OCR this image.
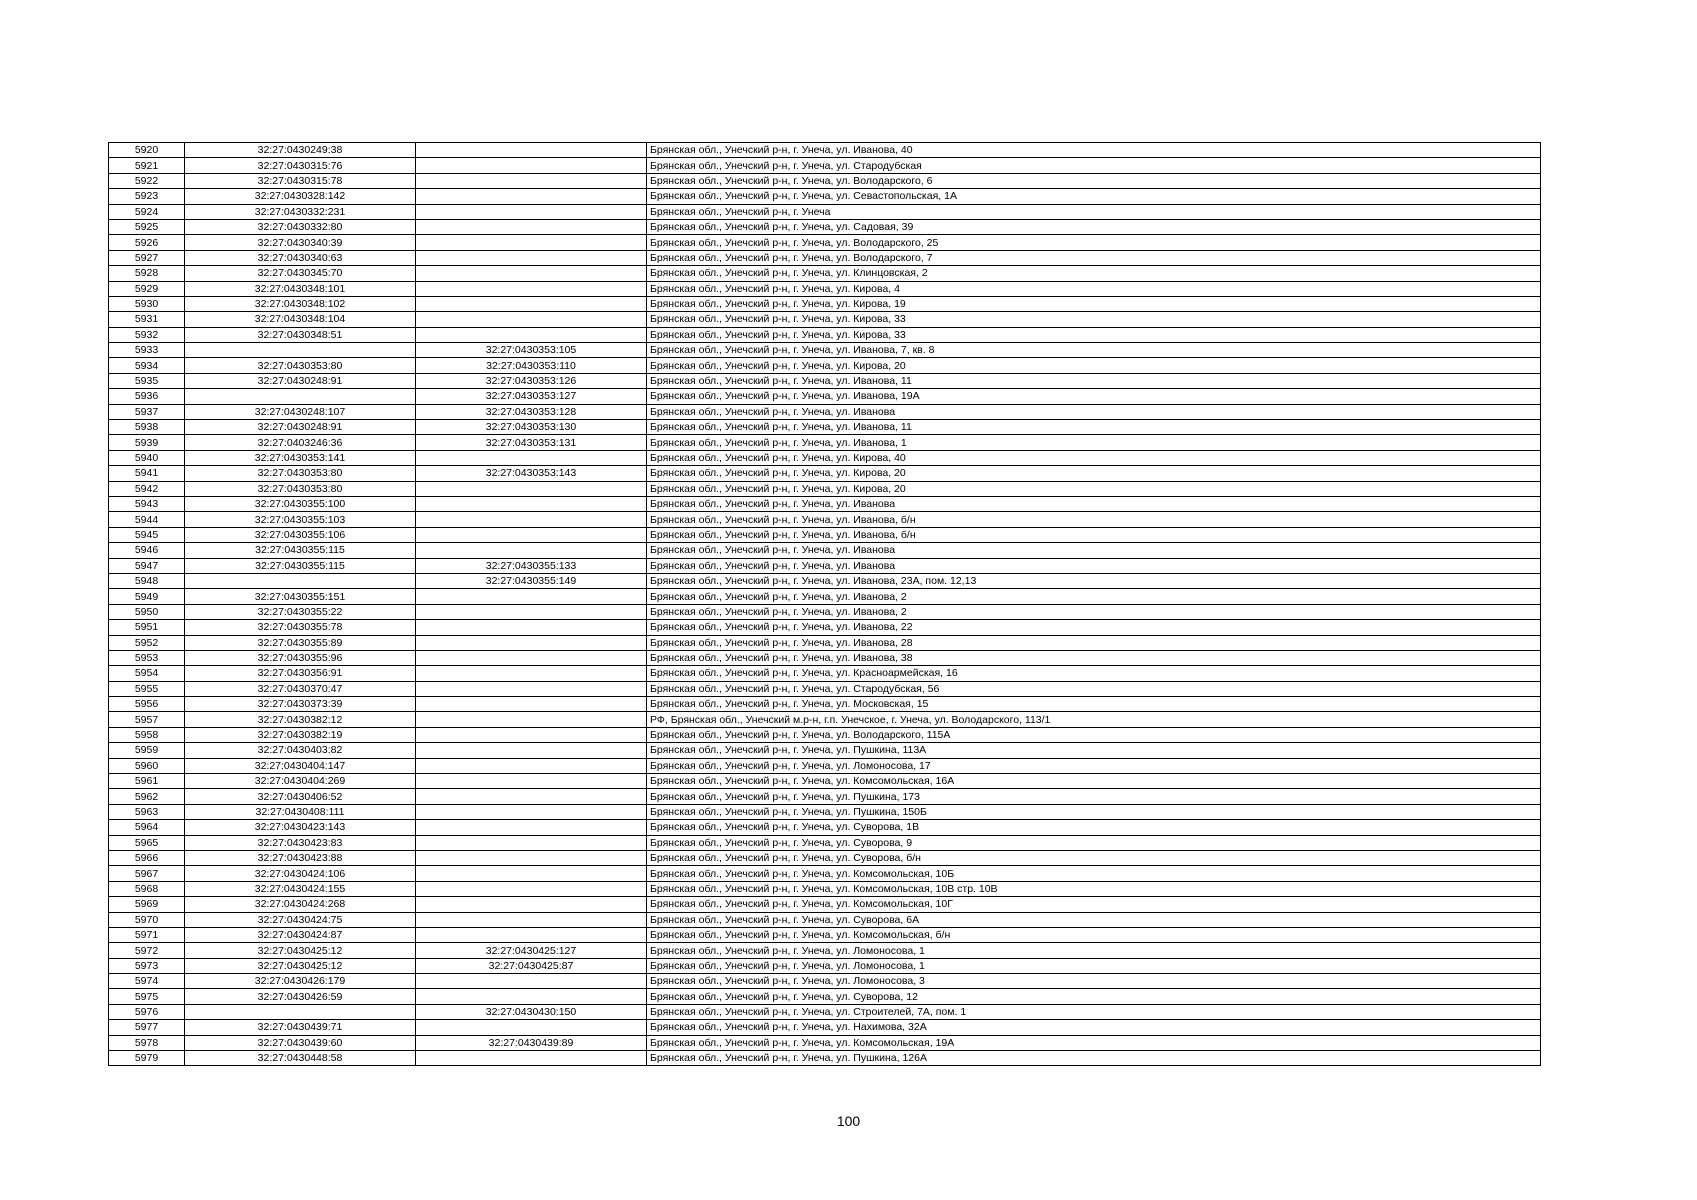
5920	32:27:0430249:38		Брянская обл., Унечский р-н, г. Унеча, ул. Иванова, 40
5921	32:27:0430315:76		Брянская обл., Унечский р-н, г. Унеча, ул. Стародубская
5922	32:27:0430315:78		Брянская обл., Унечский р-н, г. Унеча, ул. Володарского, 6
5923	32:27:0430328:142		Брянская обл., Унечский р-н, г. Унеча, ул. Севастопольская, 1А
5924	32:27:0430332:231		Брянская обл., Унечский р-н, г. Унеча
5925	32:27:0430332:80		Брянская обл., Унечский р-н, г. Унеча, ул. Садовая, 39
5926	32:27:0430340:39		Брянская обл., Унечский р-н, г. Унеча, ул. Володарского, 25
5927	32:27:0430340:63		Брянская обл., Унечский р-н, г. Унеча, ул. Володарского, 7
5928	32:27:0430345:70		Брянская обл., Унечский р-н, г. Унеча, ул. Клинцовская, 2
5929	32:27:0430348:101		Брянская обл., Унечский р-н, г. Унеча, ул. Кирова, 4
5930	32:27:0430348:102		Брянская обл., Унечский р-н, г. Унеча, ул. Кирова, 19
5931	32:27:0430348:104		Брянская обл., Унечский р-н, г. Унеча, ул. Кирова, 33
5932	32:27:0430348:51		Брянская обл., Унечский р-н, г. Унеча, ул. Кирова, 33
5933		32:27:0430353:105	Брянская обл., Унечский р-н, г. Унеча, ул. Иванова, 7, кв. 8
5934	32:27:0430353:80	32:27:0430353:110	Брянская обл., Унечский р-н, г. Унеча, ул. Кирова, 20
5935	32:27:0430248:91	32:27:0430353:126	Брянская обл., Унечский р-н, г. Унеча, ул. Иванова, 11
5936		32:27:0430353:127	Брянская обл., Унечский р-н, г. Унеча, ул. Иванова, 19А
5937	32:27:0430248:107	32:27:0430353:128	Брянская обл., Унечский р-н, г. Унеча, ул. Иванова
5938	32:27:0430248:91	32:27:0430353:130	Брянская обл., Унечский р-н, г. Унеча, ул. Иванова, 11
5939	32:27:0403246:36	32:27:0430353:131	Брянская обл., Унечский р-н, г. Унеча, ул. Иванова, 1
5940	32:27:0430353:141		Брянская обл., Унечский р-н, г. Унеча, ул. Кирова, 40
5941	32:27:0430353:80	32:27:0430353:143	Брянская обл., Унечский р-н, г. Унеча, ул. Кирова, 20
5942	32:27:0430353:80		Брянская обл., Унечский р-н, г. Унеча, ул. Кирова, 20
5943	32:27:0430355:100		Брянская обл., Унечский р-н, г. Унеча, ул. Иванова
5944	32:27:0430355:103		Брянская обл., Унечский р-н, г. Унеча, ул. Иванова, б/н
5945	32:27:0430355:106		Брянская обл., Унечский р-н, г. Унеча, ул. Иванова, б/н
5946	32:27:0430355:115		Брянская обл., Унечский р-н, г. Унеча, ул. Иванова
5947	32:27:0430355:115	32:27:0430355:133	Брянская обл., Унечский р-н, г. Унеча, ул. Иванова
5948		32:27:0430355:149	Брянская обл., Унечский р-н, г. Унеча, ул. Иванова, 23А, пом. 12,13
5949	32:27:0430355:151		Брянская обл., Унечский р-н, г. Унеча, ул. Иванова, 2
5950	32:27:0430355:22		Брянская обл., Унечский р-н, г. Унеча, ул. Иванова, 2
5951	32:27:0430355:78		Брянская обл., Унечский р-н, г. Унеча, ул. Иванова, 22
5952	32:27:0430355:89		Брянская обл., Унечский р-н, г. Унеча, ул. Иванова, 28
5953	32:27:0430355:96		Брянская обл., Унечский р-н, г. Унеча, ул. Иванова, 38
5954	32:27:0430356:91		Брянская обл., Унечский р-н, г. Унеча, ул. Красноармейская, 16
5955	32:27:0430370:47		Брянская обл., Унечский р-н, г. Унеча, ул. Стародубская, 56
5956	32:27:0430373:39		Брянская обл., Унечский р-н, г. Унеча, ул. Московская, 15
5957	32:27:0430382:12		РФ, Брянская обл., Унечский м.р-н, г.п. Унечское, г. Унеча, ул. Володарского, 113/1
5958	32:27:0430382:19		Брянская обл., Унечский р-н, г. Унеча, ул. Володарского, 115А
5959	32:27:0430403:82		Брянская обл., Унечский р-н, г. Унеча, ул. Пушкина, 113А
5960	32:27:0430404:147		Брянская обл., Унечский р-н, г. Унеча, ул. Ломоносова, 17
5961	32:27:0430404:269		Брянская обл., Унечский р-н, г. Унеча, ул. Комсомольская, 16А
5962	32:27:0430406:52		Брянская обл., Унечский р-н, г. Унеча, ул. Пушкина, 173
5963	32:27:0430408:111		Брянская обл., Унечский р-н, г. Унеча, ул. Пушкина, 150Б
5964	32:27:0430423:143		Брянская обл., Унечский р-н, г. Унеча, ул. Суворова, 1В
5965	32:27:0430423:83		Брянская обл., Унечский р-н, г. Унеча, ул. Суворова, 9
5966	32:27:0430423:88		Брянская обл., Унечский р-н, г. Унеча, ул. Суворова, б/н
5967	32:27:0430424:106		Брянская обл., Унечский р-н, г. Унеча, ул. Комсомольская, 10Б
5968	32:27:0430424:155		Брянская обл., Унечский р-н, г. Унеча, ул. Комсомольская, 10В стр. 10В
5969	32:27:0430424:268		Брянская обл., Унечский р-н, г. Унеча, ул. Комсомольская, 10Г
5970	32:27:0430424:75		Брянская обл., Унечский р-н, г. Унеча, ул. Суворова, 6А
5971	32:27:0430424:87		Брянская обл., Унечский р-н, г. Унеча, ул. Комсомольская, б/н
5972	32:27:0430425:12	32:27:0430425:127	Брянская обл., Унечский р-н, г. Унеча, ул. Ломоносова, 1
5973	32:27:0430425:12	32:27:0430425:87	Брянская обл., Унечский р-н, г. Унеча, ул. Ломоносова, 1
5974	32:27:0430426:179		Брянская обл., Унечский р-н, г. Унеча, ул. Ломоносова, 3
5975	32:27:0430426:59		Брянская обл., Унечский р-н, г. Унеча, ул. Суворова, 12
5976		32:27:0430430:150	Брянская обл., Унечский р-н, г. Унеча, ул. Строителей, 7А, пом. 1
5977	32:27:0430439:71		Брянская обл., Унечский р-н, г. Унеча, ул. Нахимова, 32А
5978	32:27:0430439:60	32:27:0430439:89	Брянская обл., Унечский р-н, г. Унеча, ул. Комсомольская, 19А
5979	32:27:0430448:58		Брянская обл., Унечский р-н, г. Унеча, ул. Пушкина, 126А
100
